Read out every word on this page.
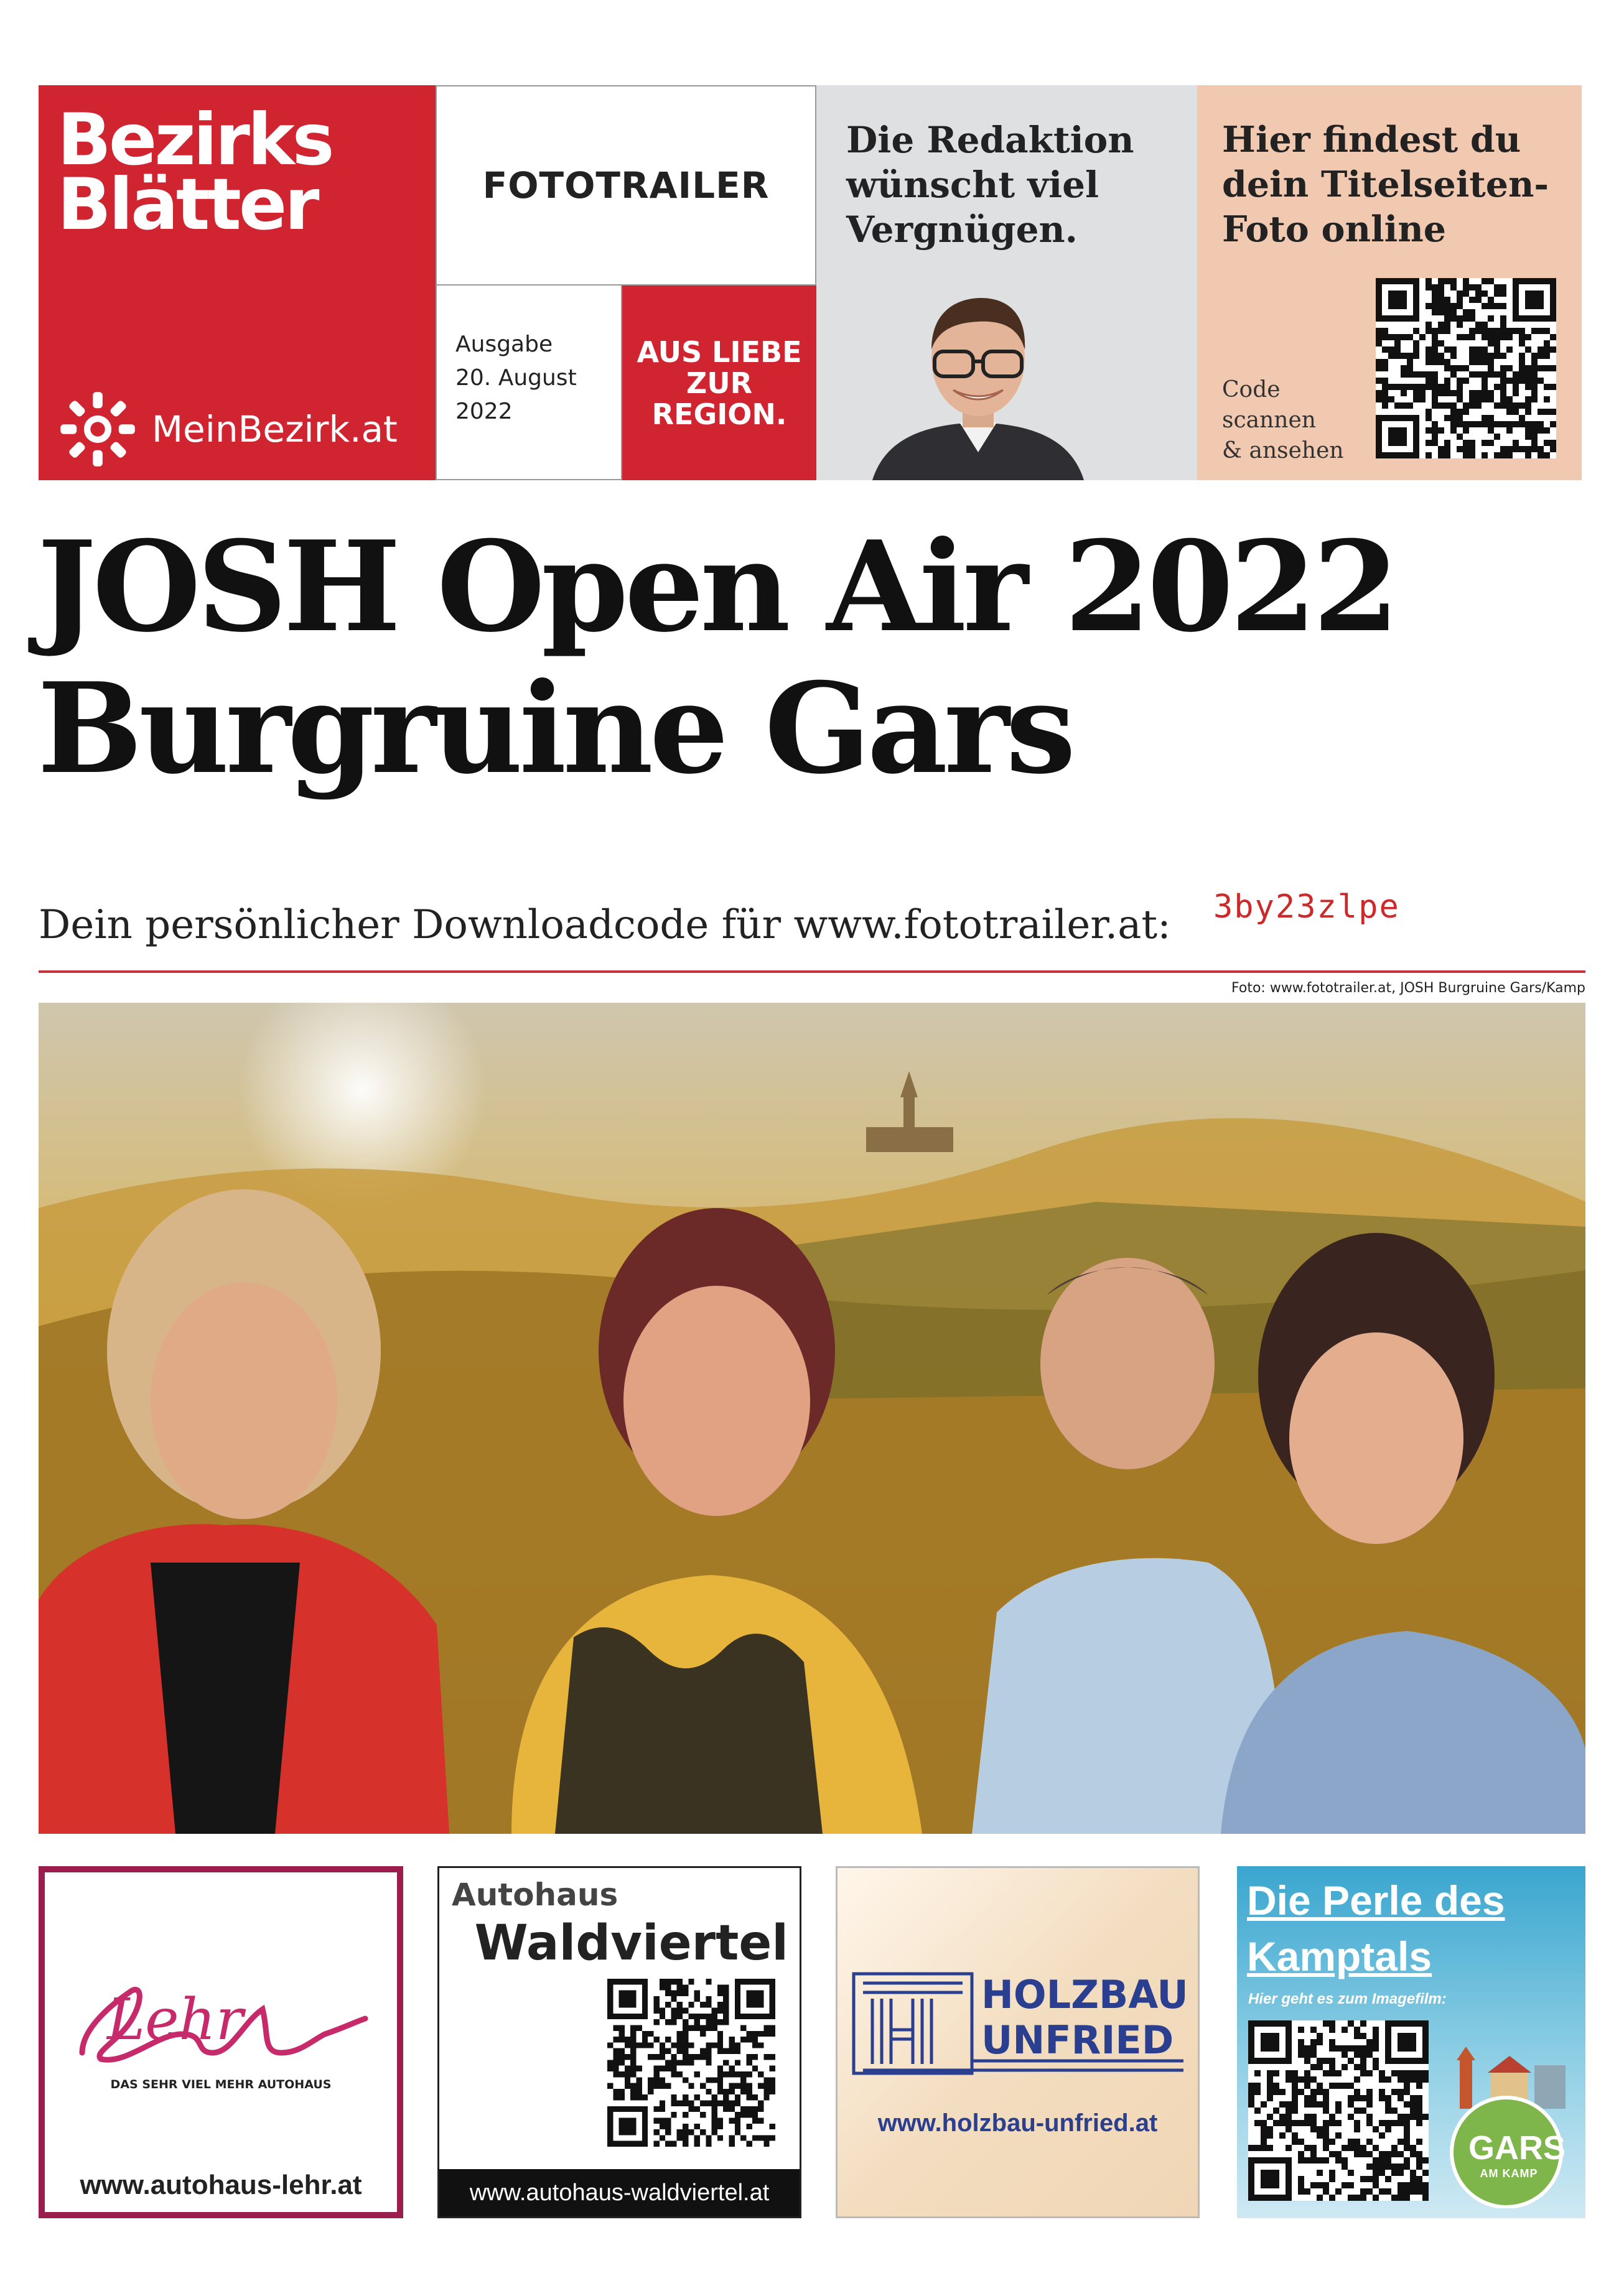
Bezirks
Blätter
MeinBezirk.at
FOTOTRAILER
Ausgabe
20. August
2022
AUS LIEBE
ZUR
REGION.
Die Redaktion
wünscht viel
Vergnügen.
Hier findest du
dein Titelseiten-
Foto online
Code
scannen
& ansehen
JOSH Open Air 2022
Burgruine Gars
Dein persönlicher Downloadcode für www.fototrailer.at: 3by23zlpe
Foto: www.fototrailer.at, JOSH Burgruine Gars/Kamp
Lehr
DAS SEHR VIEL MEHR AUTOHAUS
www.autohaus-lehr.at
Autohaus
Waldviertel
www.autohaus-waldviertel.at
HOLZBAU
UNFRIED
www.holzbau-unfried.at
Die Perle des
Kamptals
Hier geht es zum Imagefilm:
GARS
AM KAMP
